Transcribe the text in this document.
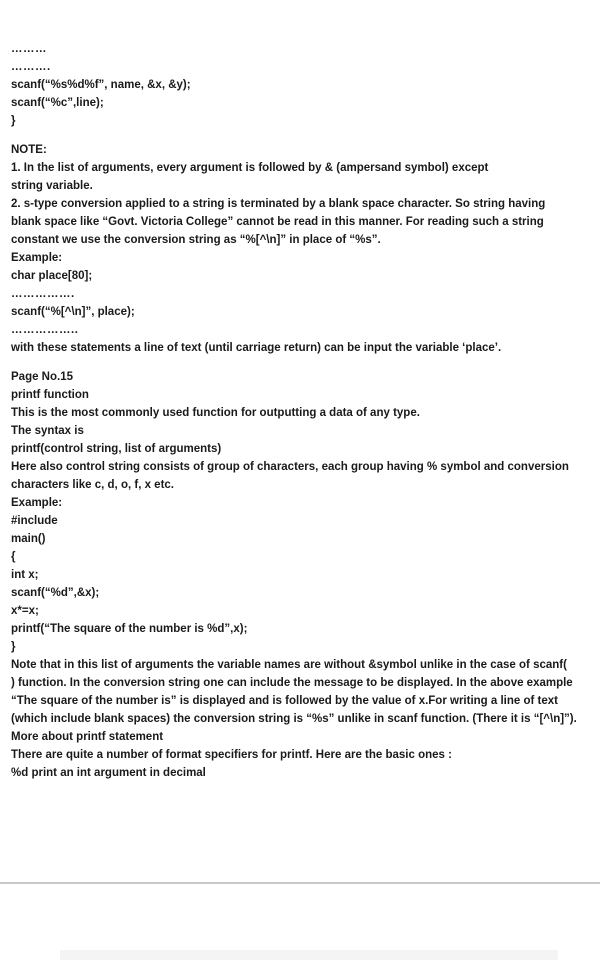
………
……….
scanf(“%s%d%f”, name, &x, &y);
scanf(“%c”,line);
}
NOTE:
1. In the list of arguments, every argument is followed by & (ampersand symbol) except
string variable.
2. s-type conversion applied to a string is terminated by a blank space character. So string having
blank space like “Govt. Victoria College” cannot be read in this manner. For reading such a string
constant we use the conversion string as “%[^\n]” in place of “%s”.
Example:
char place[80];
…………….
scanf(“%[^\n]”, place);
……………..
with these statements a line of text (until carriage return) can be input the variable ‘place’.
Page No.15
printf function
This is the most commonly used function for outputting a data of any type.
The syntax is
printf(control string, list of arguments)
Here also control string consists of group of characters, each group having % symbol and conversion
characters like c, d, o, f, x etc.
Example:
#include
main()
{
int x;
scanf(“%d”,&x);
x*=x;
printf(“The square of the number is %d”,x);
}
Note that in this list of arguments the variable names are without &symbol unlike in the case of scanf(
) function. In the conversion string one can include the message to be displayed. In the above example
“The square of the number is” is displayed and is followed by the value of x.For writing a line of text
(which include blank spaces) the conversion string is “%s” unlike in scanf function. (There it is “[^\n]”).
More about printf statement
There are quite a number of format specifiers for printf. Here are the basic ones :
%d print an int argument in decimal
